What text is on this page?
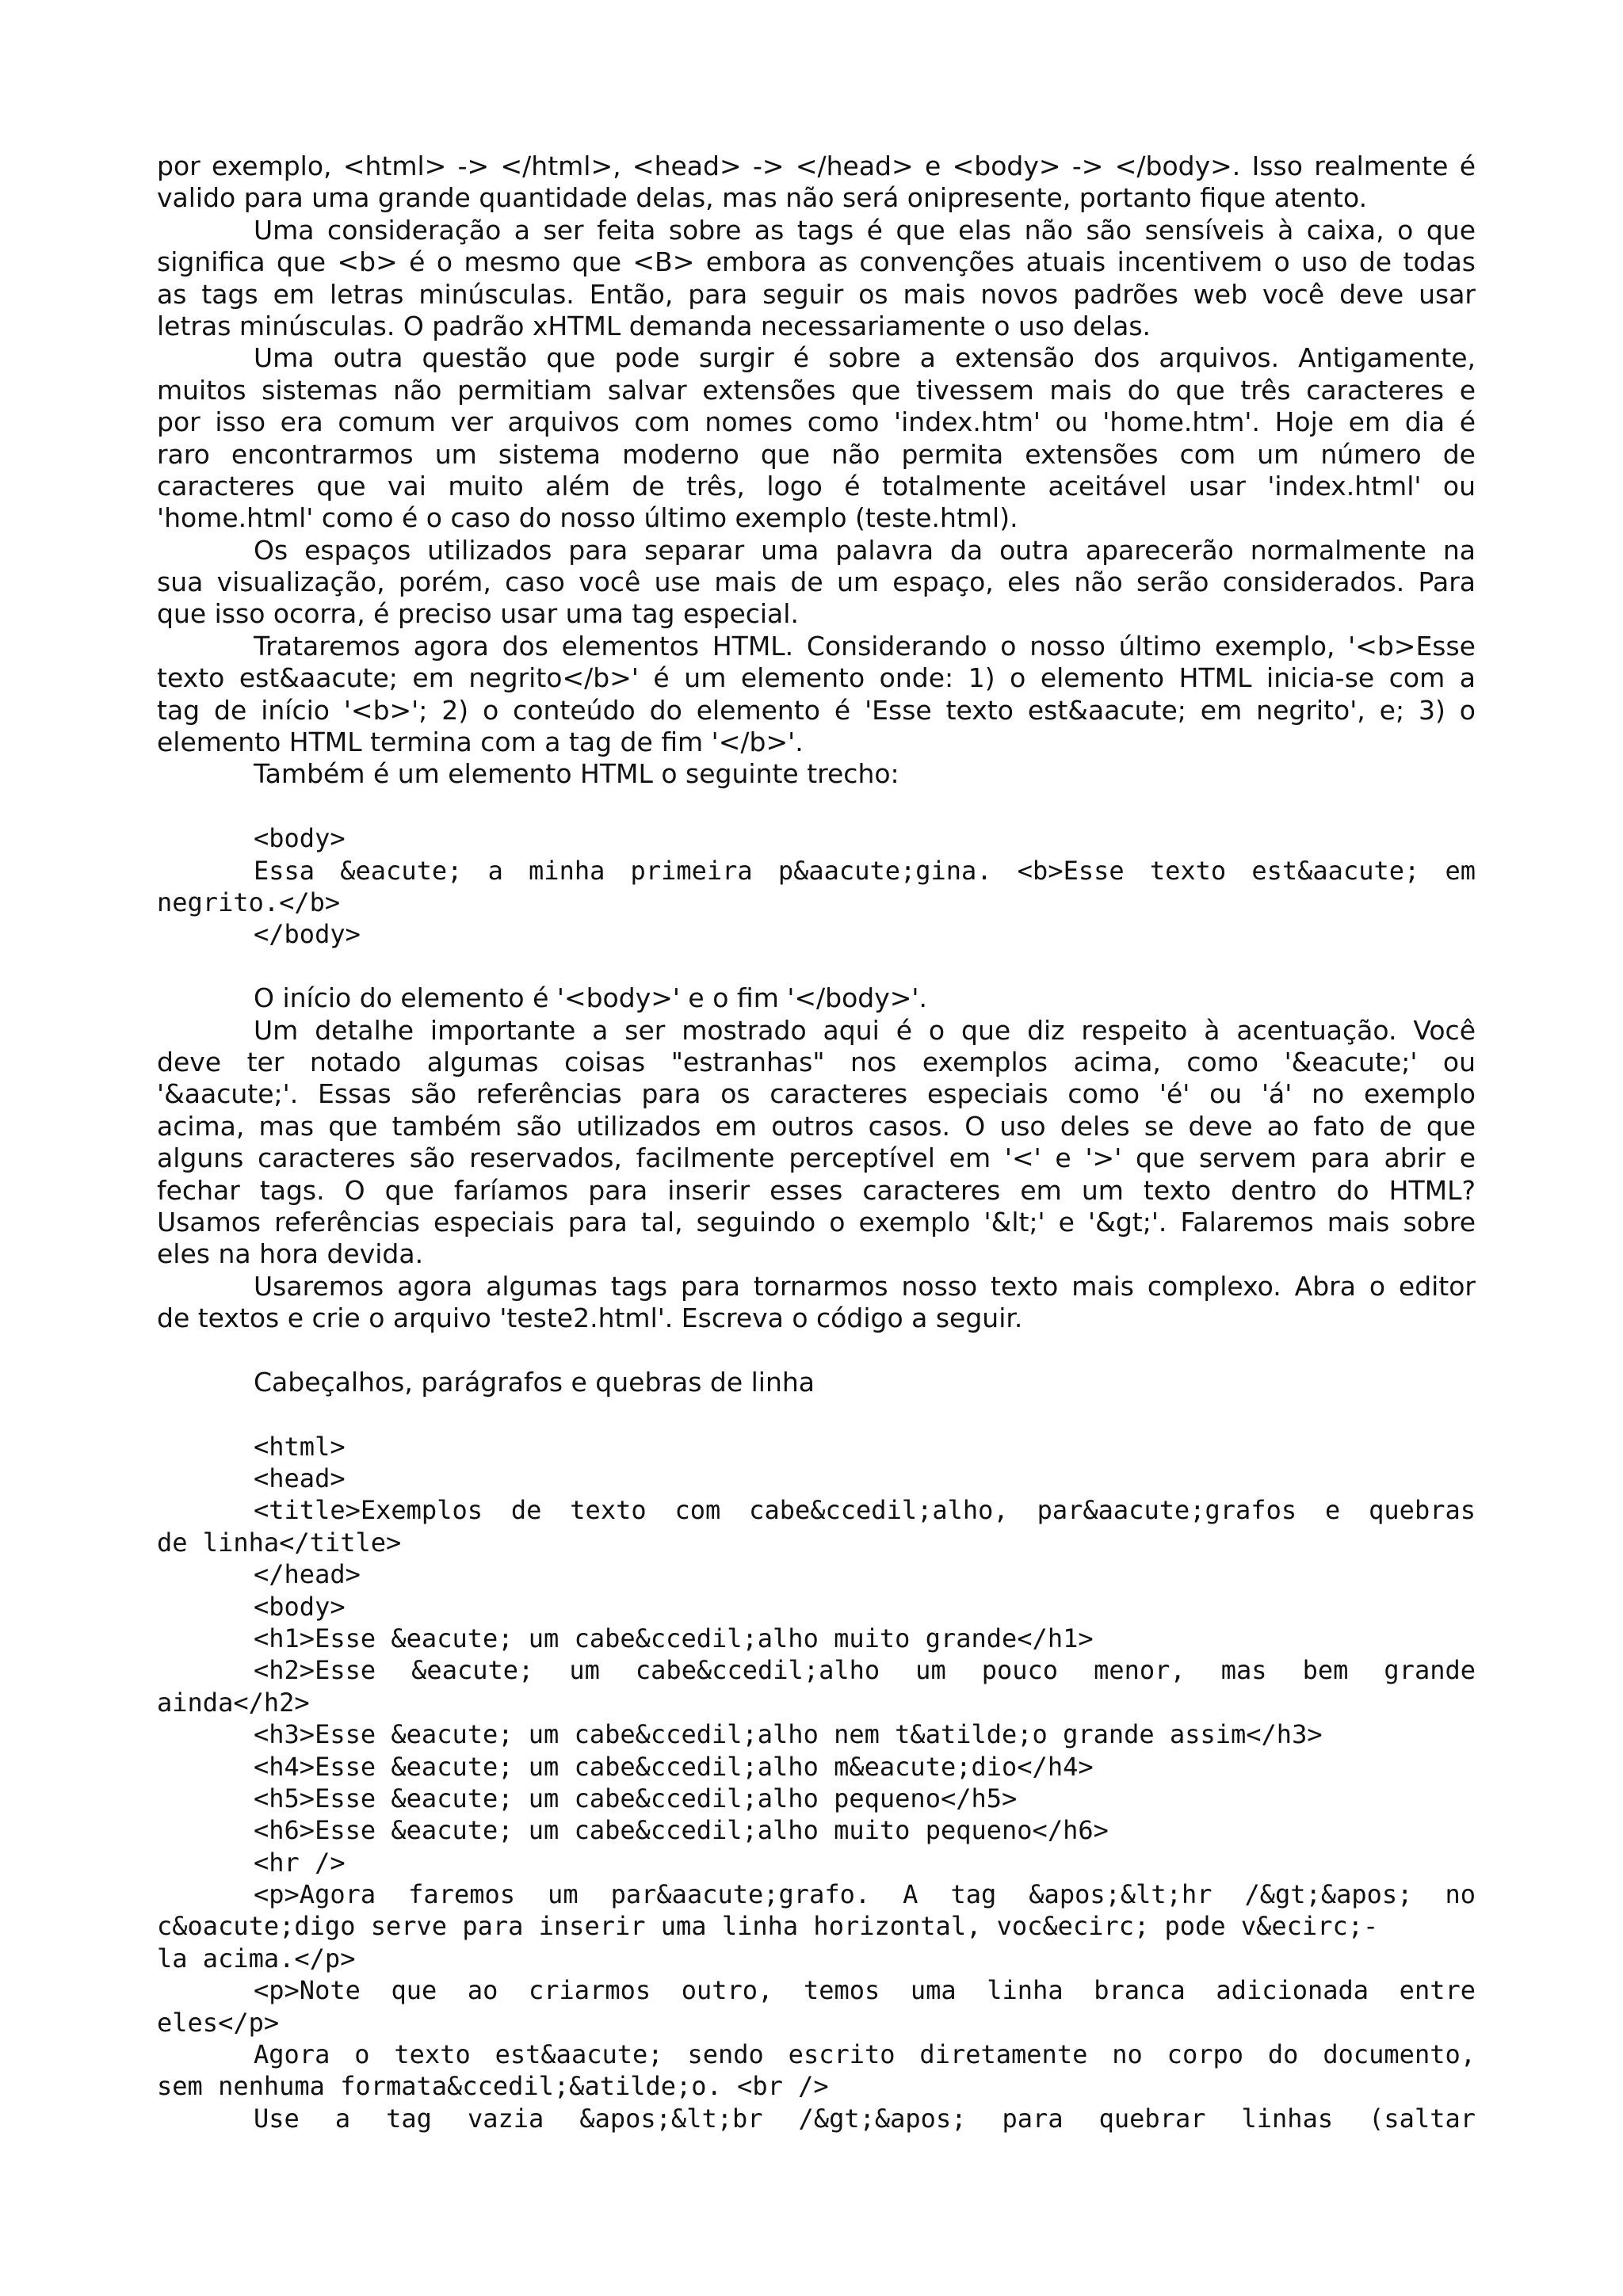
por exemplo, <html> -> </html>, <head> -> </head> e <body> -> </body>. Isso realmente é
valido para uma grande quantidade delas, mas não será onipresente, portanto fique atento.
Uma consideração a ser feita sobre as tags é que elas não são sensíveis à caixa, o que
significa que <b> é o mesmo que <B> embora as convenções atuais incentivem o uso de todas
as tags em letras minúsculas. Então, para seguir os mais novos padrões web você deve usar
letras minúsculas. O padrão xHTML demanda necessariamente o uso delas.
Uma outra questão que pode surgir é sobre a extensão dos arquivos. Antigamente,
muitos sistemas não permitiam salvar extensões que tivessem mais do que três caracteres e
por isso era comum ver arquivos com nomes como 'index.htm' ou 'home.htm'. Hoje em dia é
raro encontrarmos um sistema moderno que não permita extensões com um número de
caracteres que vai muito além de três, logo é totalmente aceitável usar 'index.html' ou
'home.html' como é o caso do nosso último exemplo (teste.html).
Os espaços utilizados para separar uma palavra da outra aparecerão normalmente na
sua visualização, porém, caso você use mais de um espaço, eles não serão considerados. Para
que isso ocorra, é preciso usar uma tag especial.
Trataremos agora dos elementos HTML. Considerando o nosso último exemplo, '<b>Esse
texto est&aacute; em negrito</b>' é um elemento onde: 1) o elemento HTML inicia-se com a
tag de início '<b>'; 2) o conteúdo do elemento é 'Esse texto est&aacute; em negrito', e; 3) o
elemento HTML termina com a tag de fim '</b>'.
Também é um elemento HTML o seguinte trecho:
<body>
Essa &eacute; a minha primeira p&aacute;gina. <b>Esse texto est&aacute; em
negrito.</b>
</body>
O início do elemento é '<body>' e o fim '</body>'.
Um detalhe importante a ser mostrado aqui é o que diz respeito à acentuação. Você
deve ter notado algumas coisas "estranhas" nos exemplos acima, como '&eacute;' ou
'&aacute;'. Essas são referências para os caracteres especiais como 'é' ou 'á' no exemplo
acima, mas que também são utilizados em outros casos. O uso deles se deve ao fato de que
alguns caracteres são reservados, facilmente perceptível em '<' e '>' que servem para abrir e
fechar tags. O que faríamos para inserir esses caracteres em um texto dentro do HTML?
Usamos referências especiais para tal, seguindo o exemplo '&lt;' e '&gt;'. Falaremos mais sobre
eles na hora devida.
Usaremos agora algumas tags para tornarmos nosso texto mais complexo. Abra o editor
de textos e crie o arquivo 'teste2.html'. Escreva o código a seguir.
Cabeçalhos, parágrafos e quebras de linha
<html>
<head>
<title>Exemplos de texto com cabe&ccedil;alho, par&aacute;grafos e quebras
de linha</title>
</head>
<body>
<h1>Esse &eacute; um cabe&ccedil;alho muito grande</h1>
<h2>Esse &eacute; um cabe&ccedil;alho um pouco menor, mas bem grande
ainda</h2>
<h3>Esse &eacute; um cabe&ccedil;alho nem t&atilde;o grande assim</h3>
<h4>Esse &eacute; um cabe&ccedil;alho m&eacute;dio</h4>
<h5>Esse &eacute; um cabe&ccedil;alho pequeno</h5>
<h6>Esse &eacute; um cabe&ccedil;alho muito pequeno</h6>
<hr />
<p>Agora faremos um par&aacute;grafo. A tag &apos;&lt;hr /&gt;&apos; no
c&oacute;digo serve para inserir uma linha horizontal, voc&ecirc; pode v&ecirc;-
la acima.</p>
<p>Note que ao criarmos outro, temos uma linha branca adicionada entre
eles</p>
Agora o texto est&aacute; sendo escrito diretamente no corpo do documento,
sem nenhuma formata&ccedil;&atilde;o. <br />
Use a tag vazia &apos;&lt;br /&gt;&apos; para quebrar linhas (saltar
